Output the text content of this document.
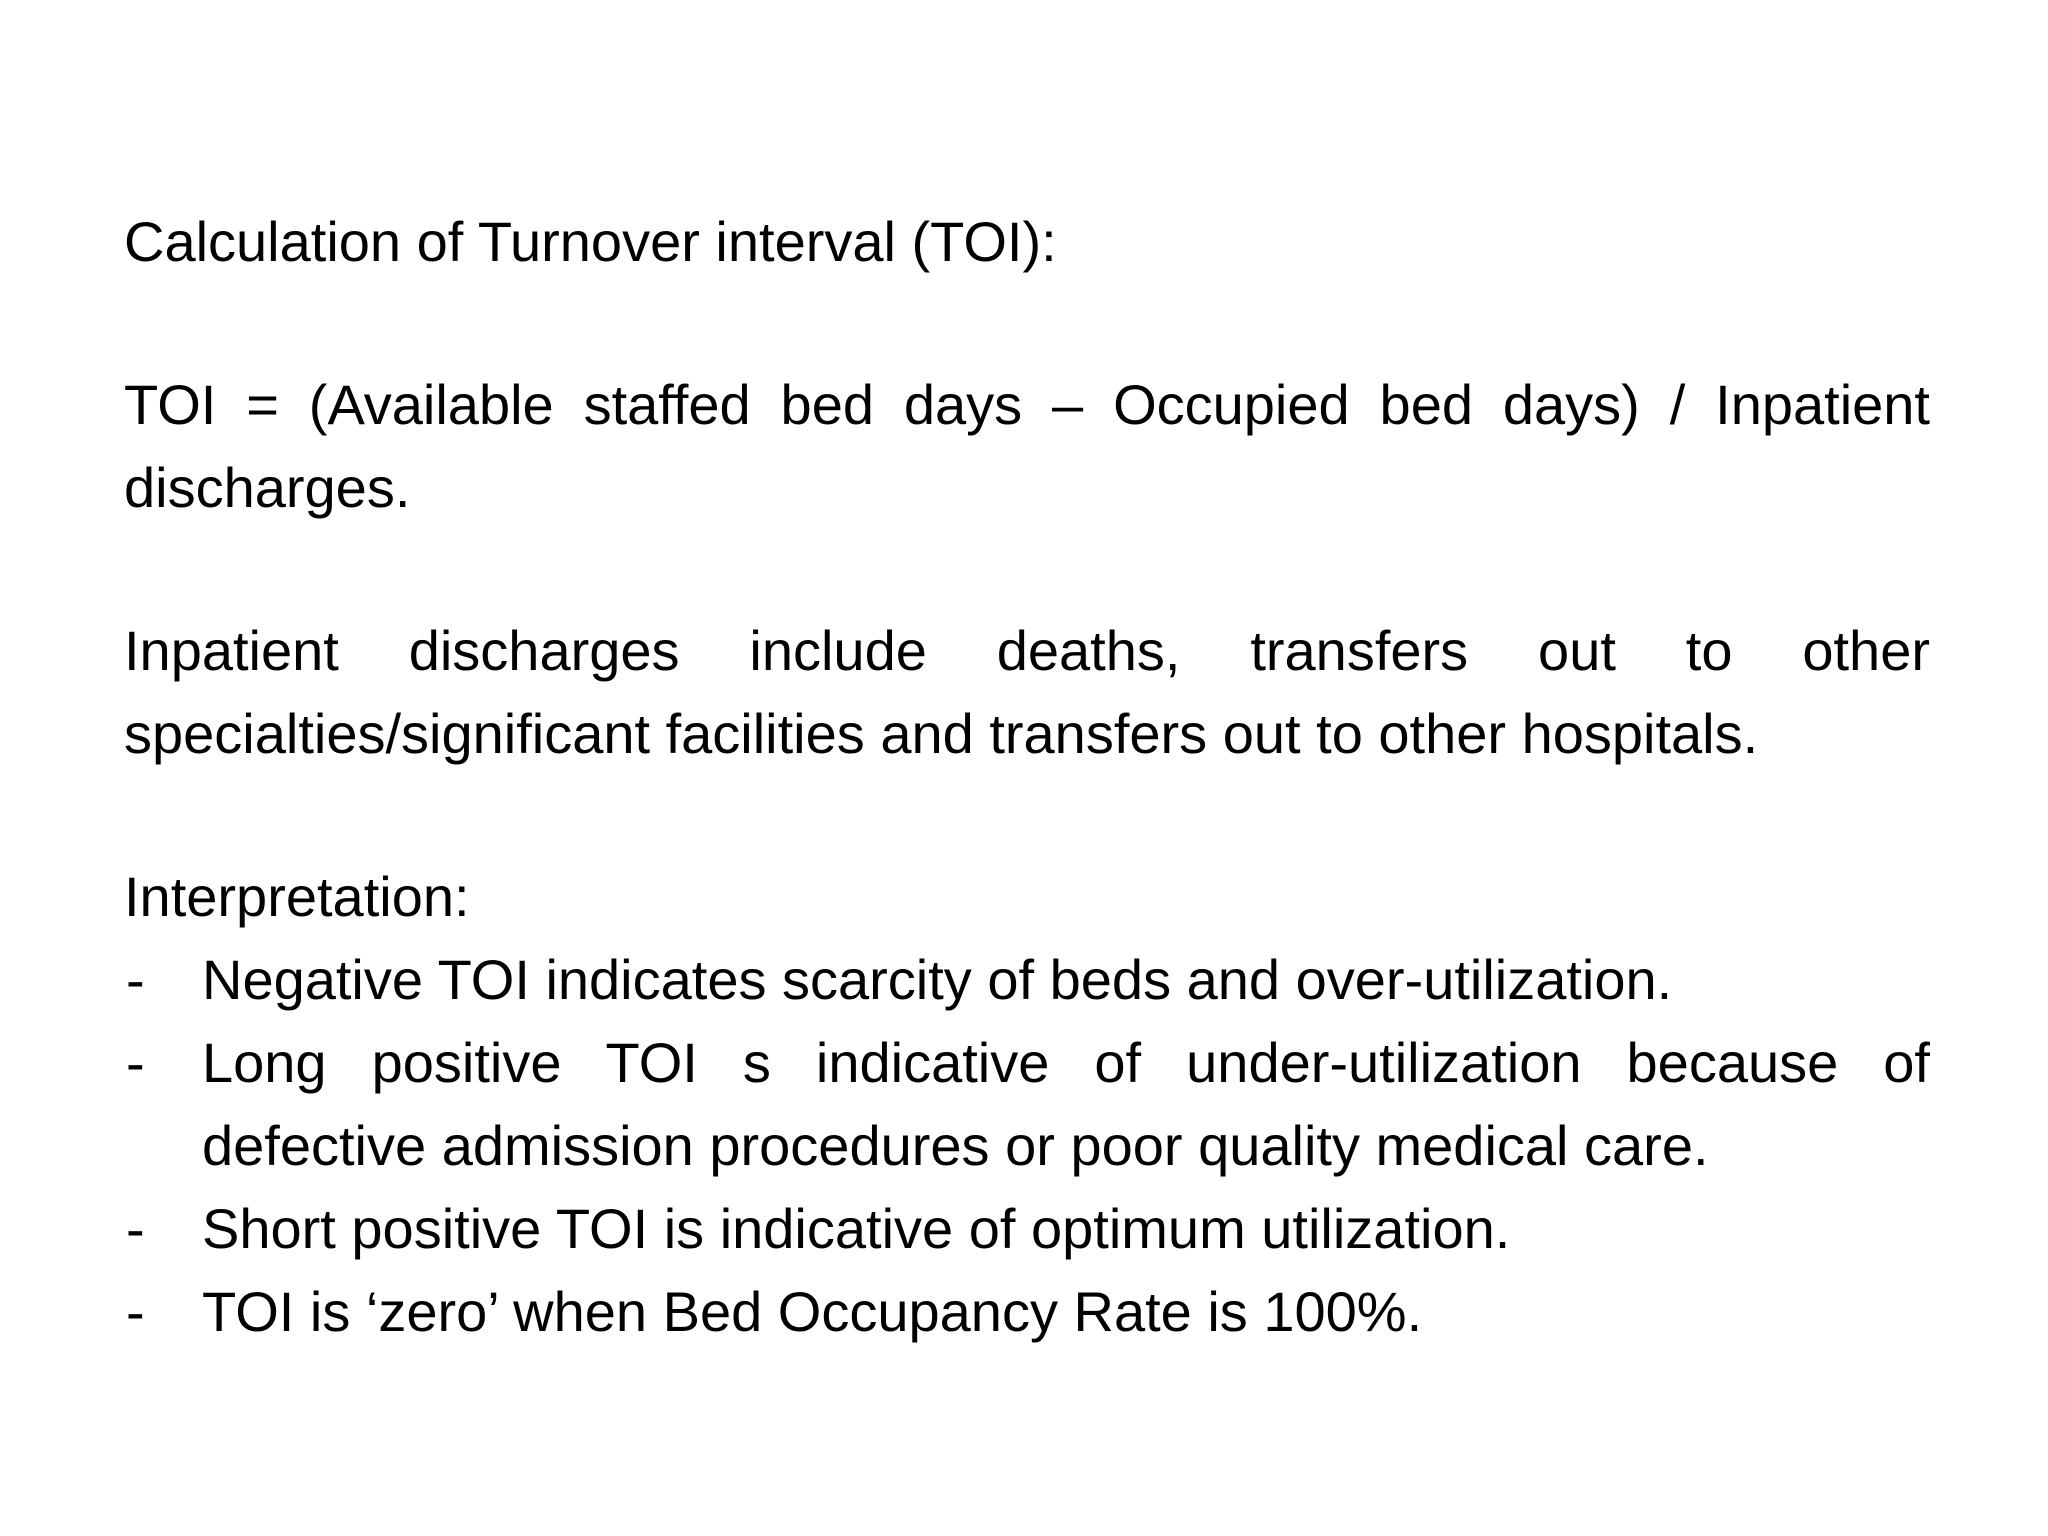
Calculation of Turnover interval (TOI):

TOI = (Available staffed bed days – Occupied bed days) / Inpatient discharges.

Inpatient discharges include deaths, transfers out to other specialties/significant facilities and transfers out to other hospitals.

Interpretation:

- Negative TOI indicates scarcity of beds and over-utilization.
- Long positive TOI s indicative of under-utilization because of defective admission procedures or poor quality medical care.
- Short positive TOI is indicative of optimum utilization.
- TOI is ‘zero’ when Bed Occupancy Rate is 100%.
